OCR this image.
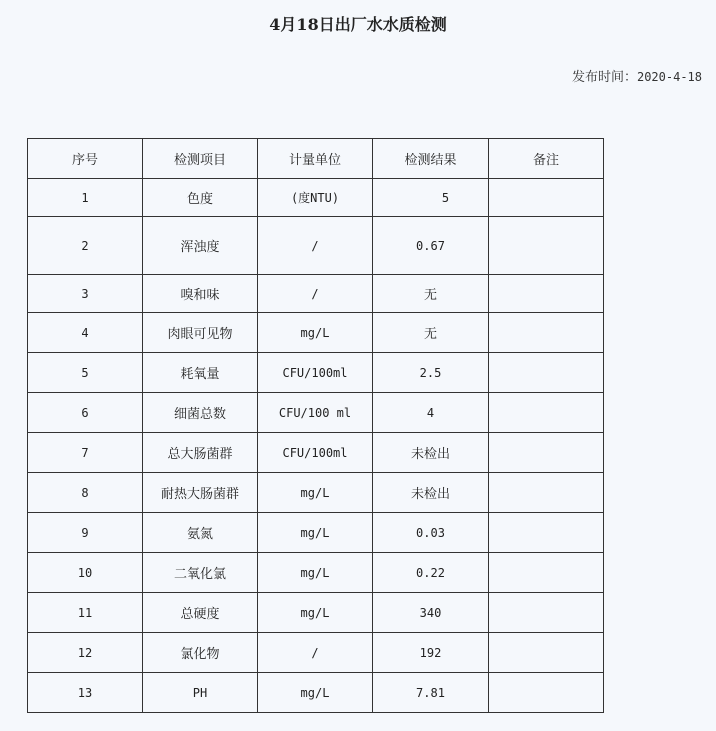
4月18日出厂水水质检测
发布时间：2020-4-18
序号	检测项目	计量单位	检测结果	备注
1	色度	(度NTU)	5	
2	浑浊度	/	0.67	
3	嗅和味	/	无	
4	肉眼可见物	mg/L	无	
5	耗氧量	CFU/100ml	2.5	
6	细菌总数	CFU/100 ml	4	
7	总大肠菌群	CFU/100ml	未检出	
8	耐热大肠菌群	mg/L	未检出	
9	氨氮	mg/L	0.03	
10	二氧化氯	mg/L	0.22	
11	总硬度	mg/L	340	
12	氯化物	/	192	
13	PH	mg/L	7.81	
